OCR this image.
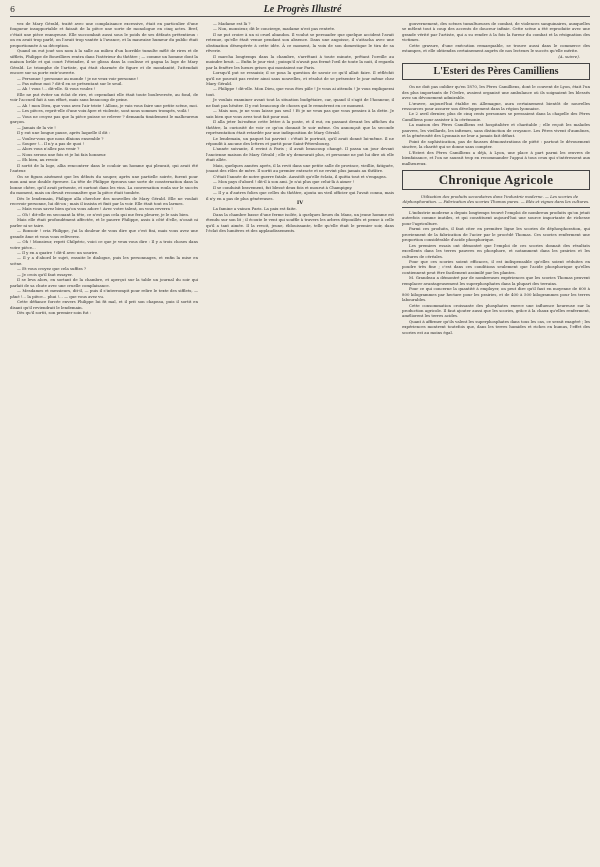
6	Le Progrès Illustré

vez de Mary Gérald, traité avec une complaisance excessive, était en particulier d'une fougueur insupportable et faisait de la pièce une sorte de monologue en cinq actes. Bref, c'était une pièce ennuyeuse. Elle succombait aussi sous le poids de ses défauts prétentieux : on en avait trop parlé, on l'avait trop vantée à l'avance, et la mauvaise humeur du public était proportionnée à sa déception.

Quand on eut joué son nom à la salle au milieu d'un horrible tumulte mêlé de rires et de sifflets, Philippe de Bouvilliers rentra dans l'intérieur du théâtre ; — comme un homme dont la maison brûle et qui court l'éteindre, il se glissa dans la coulisse et gagna la loge de Mary Gérald. Le triomphe de l'artiste, qui était charmée de figure et de mondanité, l'attendait encore sur sa porte entr'ouverte.

— Personne ! personne au monde ! je ne veux voir personne !

— Pas même moi ? dit-il en se présentant sur le seuil.

— Ah ! vous !... dit-elle. Si vous voulez !

Elle ne put éviter un éclat de rire, et cependant elle était toute bouleversée, au fond, de voir l'accueil fait à son effort, mais sans beaucoup de peine.

— Ah ! mon Dieu, que vous avez l'air triste ! Allons, je vais vous faire une petite scène, moi.

— Les pièces, reprit-elle d'une voix âpre et violente, sont nous sommes trompés, voilà !

— Vous ne croyez pas que la pièce puisse se relever ? demanda timidement le malheureux garçon.

— Jamais de la vie !

Il y eut une longue pause, après laquelle il dit :

— Voulez-vous que nous dînions ensemble ?

— Souper !... Il n'y a pas de quoi !

— Alors vous n'allez pas venir ?

— Nous serons une fois et je lui fais honneur.

— Eh bien, au revoir.

Il sortit de la loge, allia rencontrer dans le couloir un homme qui pleurait, qui avait été l'auteur.

On se figura aisément que les débuts du souper, après une partielle soirée, furent pour mon ami une double épreuve. La tête de Philippe éprouva une sorte de consternation dans la bonne chère, qu'il avait présente, et surtout dans les vins. La conversation roula sur le succès du moment, mais on devait reconnaître que la pièce était tombée.

Dès le lendemain, Philippe alla chercher des nouvelles de Mary Gérald. Elle ne voulait recevoir personne, lui dit-on ; mais il insista et finit par la voir. Elle était tout en larmes.

— Mais vous savez bien qu'on vous adore ! Avec votre talent, on vous reverra !

— Oh ! dit-elle en secouant la tête, ce n'est pas cela qui me fera pleurer, je le sais bien.

Mais elle était profondément affectée, et le pauvre Philippe, assis à côté d'elle, n'osait ni parler ni se taire.

— Bonsoir ! cria Philippe, j'ai la douleur de vous dire que c'est fini, mais vous avez une grande âme et vous vous relèverez.

— Oh ! Monsieur, reprit Chilpéric, voici ce que je veux vous dire : Il y a trois choses dans votre pièce...

— Il y en a quatre ! dit-il avec un sourire.

— Il y a d'abord le sujet, ensuite le dialogue, puis les personnages, et enfin la mise en scène.

— Et vous croyez que cela suffira ?

— Je crois qu'il faut essayer.

Il se leva alors, en sortant de la chambre, et aperçut sur la table un journal du soir qui parlait de sa chute avec une cruelle complaisance.

— Mesdames et messieurs, dit-il, — puis il s'interrompit pour relire le texte des sifflets, — pâné !... la pièce... phui !... — que vous avez vu.

Cette défiance forcée envers Philippe lui fit mal, et il prit son chapeau, puis il sortit en disant qu'il reviendrait le lendemain.

Dès qu'il sortit, son premier soin fut :

— Madame est là ?

— Non, monsieur, dit le concierge, madame n'est pas rentrée.

Il ne put croire à un si cruel abandon. Il voulut se persuader que quelque accident l'avait retenue, qu'elle était venue pendant son absence. Dans une angoisse, il s'attacha avec une obstination désespérée à cette idée. À ce moment, la voix de son domestique le tira de sa rêverie.

Il marcha longtemps dans la chambre, s'arrêtant à toute minute, prêtant l'oreille au moindre bruit. — Enfin le jour vint ; puisqu'il n'avait pas fermé l'œil de toute la nuit, il regarda par la fenêtre les lueurs grises qui montaient sur Paris.

Lorsqu'il put se ressaisir, il se posa la question de savoir ce qu'il allait faire. Il réfléchit qu'il ne pouvait pas rester ainsi sans nouvelles, et résolut de se présenter le jour même chez Mary Gérald.

— Philippe ! dit-elle. Mon Dieu, que vous êtes pâle ! Je vous ai attendu ! Je vous expliquerai tout.

Je voulais examiner avant tout la situation budgétaire, car, quand il s'agit de l'honneur, il ne faut pas hésiter. Il y eut beaucoup de choses qui le remuèrent en ce moment.

— Mais non, je ne vous laisse pas seul ! Et je ne veux pas que vous pensiez à la dette. Je sais bien que vous avez tout fait pour moi.

Il alla jeter lui-même cette lettre à la poste, et il eut, en passant devant les affiches du théâtre, la curiosité de voir ce qu'on donnait le soir même. On annonçait que la seconde représentation était retardée par une indisposition de Mary Gérald.

Le lendemain, un paquet lui parvint : c'était le portrait, qu'il avait donné lui-même. Il ne répondit à aucune des lettres et partit pour Saint-Pétersbourg.

L'année suivante, il revint à Paris ; il avait beaucoup changé. Il passa un jour devant l'ancienne maison de Mary Gérald ; elle n'y demeurait plus, et personne ne put lui dire où elle était allée.

Mais, quelques années après, il la revit dans une petite salle de province, vieillie, fatiguée, jouant des rôles de mère. Il sortit au premier entracte et ne revint plus jamais au théâtre.

C'était l'année de notre guerre fatale. Aussitôt qu'elle éclata, il quitta tout et s'engagea.

— Mon pays d'abord ! dit-il à son ami. Je n'ai plus que celui-là à aimer !

Il se conduisit bravement, fut blessé deux fois et mourut à Champigny.

— Il y a d'autres folies que celles du théâtre, ajouta un vieil officier qui l'avait connu, mais il n'y en a pas de plus généreuses.

IV

La famine a vaincu Paris. La paix est faite.

Dans la chambre basse d'une ferme isolée, à quelques lieues du Mans, un jeune homme est étendu sur son lit ; il écoute le vent qui souffle à travers les arbres dépouillés et pense à celle qu'il a tant aimée. Il la revoit, jeune, éblouissante, telle qu'elle était le premier soir, dans l'éclat des lumières et des applaudissements.

gouvernement, des scènes tumultueuses de combat, de violences sanguinaires, auxquelles se mêlent tout à coup des accents de douceur infinie. Cette scène a été reproduite avec une grande vérité par l'artiste, qui a su rendre à la fois la fureur du combat et la résignation des victimes.

Cette gravure, d'une exécution remarquable, se trouve aussi dans le commerce des estampes, et elle obtiendra certainement auprès de nos lecteurs le succès qu'elle mérite.

(A. suivre).
L'Esteri des Pères Camilliens

On ne doit pas oublier qu'en 1870, les Pères Camilliens, dont le couvent de Lyon, était l'un des plus importants de l'Ordre, avaient organisé une ambulance où ils soignaient les blessés avec un dévouement admirable.

L'œuvre, aujourd'hui établie en Allemagne, aura certainement bientôt de nouvelles ressources pour assurer son développement dans la région lyonnaise.

Le 2 avril dernier, plus de cinq cents personnes se pressaient dans la chapelle des Pères Camilliens pour assister à la cérémonie.

La maison des Pères Camilliens est hospitalière et charitable ; elle reçoit les malades pauvres, les vieillards, les infirmes, sans distinction de croyance. Les Pères vivent d'aumônes, et la générosité des Lyonnais ne leur a jamais fait défaut.

Point de sophistication, pas de fausses démonstrations de piété : partout le dévouement sincère, la charité qui se donne sans compter.

L'Esteri des Pères Camilliens a déjà, à Lyon, une place à part parmi les œuvres de bienfaisance, et l'on ne saurait trop en recommander l'appui à tous ceux qui s'intéressent aux malheureux.

Chronique Agricole

Utilisation des produits secondaires dans l'industrie moderne. — Les scories de déphosphoration. — Fabrication des scories Thomas pures. — Blés et vignes dans les cultures.

L'industrie moderne a depuis longtemps trouvé l'emploi de nombreux produits qu'on jetait autrefois comme inutiles, et qui constituent aujourd'hui une source importante de richesse pour l'agriculture.

Parmi ces produits, il faut citer en première ligne les scories de déphosphoration, qui proviennent de la fabrication de l'acier par le procédé Thomas. Ces scories renferment une proportion considérable d'acide phosphorique.

Les premiers essais ont démontré que l'emploi de ces scories donnait des résultats excellents dans les terres pauvres en phosphore, et notamment dans les prairies et les cultures de céréales.

Pour que ces scories soient efficaces, il est indispensable qu'elles soient réduites en poudre très fine ; c'est dans ces conditions seulement que l'acide phosphorique qu'elles contiennent peut être facilement assimilé par les plantes.

M. Grandeau a démontré par de nombreuses expériences que les scories Thomas peuvent remplacer avantageusement les superphosphates dans la plupart des terrains.

Pour ce qui concerne la quantité à employer, on peut dire qu'il faut en moyenne de 600 à 800 kilogrammes par hectare pour les prairies, et de 400 à 500 kilogrammes pour les terres labourables.

Cette consommation croissante des phosphates exerce une influence heureuse sur la production agricole. Il faut ajouter aussi que les scories, grâce à la chaux qu'elles renferment, améliorent les terres acides.

Quant à affirmer qu'ils valent les superphosphates dans tous les cas, ce serait exagéré ; les expériences montrent toutefois que, dans les terres humides et riches en humus, l'effet des scories est au moins égal.
